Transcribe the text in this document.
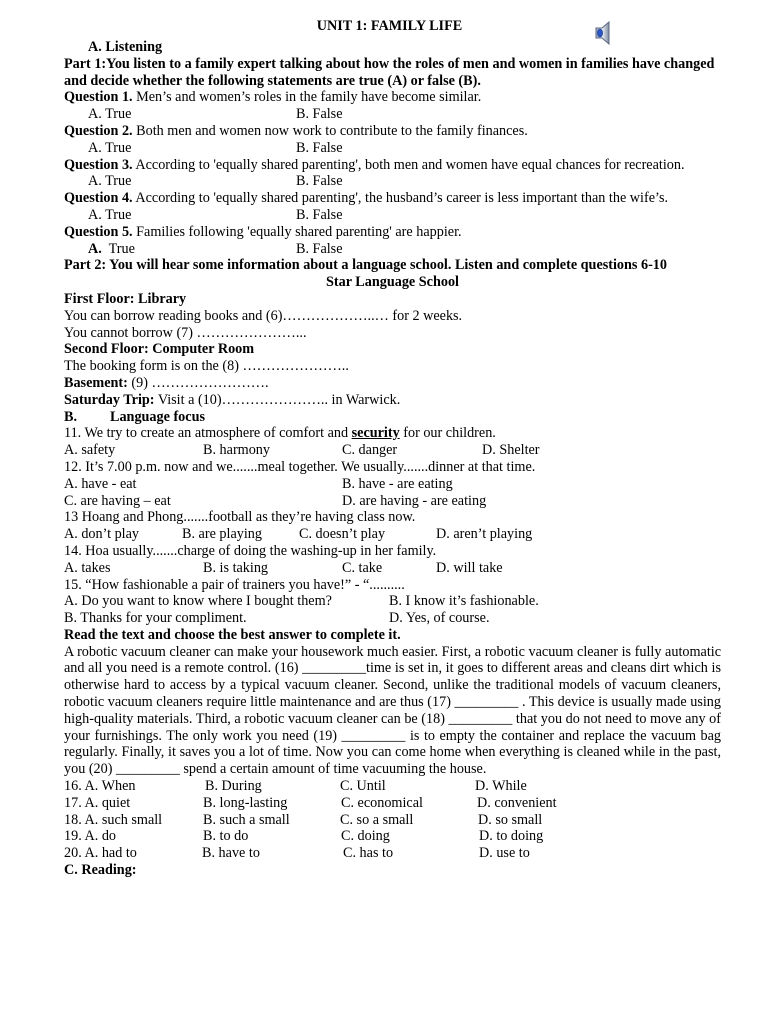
UNIT 1: FAMILY LIFE
A. Listening
Part 1:You listen to a family expert talking about how the roles of men and women in families have changed and decide whether the following statements are true (A) or false (B).
Question 1. Men’s and women’s roles in the family have become similar.
A. True	B. False
Question 2. Both men and women now work to contribute to the family finances.
A. True	B. False
Question 3. According to 'equally shared parenting', both men and women have equal chances for recreation.
A. True	B. False
Question 4. According to 'equally shared parenting', the husband’s career is less important than the wife’s.
A. True	B. False
Question 5. Families following 'equally shared parenting' are happier.
A.  True	B. False
Part 2: You will hear some information about a language school. Listen and complete questions 6-10
Star Language School
First Floor: Library
You can borrow reading books and (6)………………..… for 2 weeks.
You cannot borrow (7) …………………...
Second Floor: Computer Room
The booking form is on the (8) …………………..
Basement: (9) …………………….
Saturday Trip: Visit a (10)………………….. in Warwick.
B. Language focus
11. We try to create an atmosphere of comfort and security for our children.
A. safety	B. harmony	C. danger	D. Shelter
12. It’s 7.00 p.m. now and we.......meal together. We usually.......dinner at that time.
A. have - eat	B. have - are eating
C. are having – eat	D. are having - are eating
13 Hoang and Phong.......football as they’re having class now.
A. don’t play	B. are playing	C. doesn’t play	D. aren’t playing
14. Hoa usually.......charge of doing the washing-up in her family.
A. takes	B. is taking	C. take	D. will take
15. “How fashionable a pair of trainers you have!” - “..........
A. Do you want to know where I bought them?	B. I know it’s fashionable.
B. Thanks for your compliment.	D. Yes, of course.
Read the text and choose the best answer to complete it.
A robotic vacuum cleaner can make your housework much easier. First, a robotic vacuum cleaner is fully automatic and all you need is a remote control. (16) _________time is set in, it goes to different areas and cleans dirt which is otherwise hard to access by a typical vacuum cleaner. Second, unlike the traditional models of vacuum cleaners, robotic vacuum cleaners require little maintenance and are thus (17) _________ . This device is usually made using high-quality materials. Third, a robotic vacuum cleaner can be (18) _________ that you do not need to move any of your furnishings. The only work you need (19) _________ is to empty the container and replace the vacuum bag regularly. Finally, it saves you a lot of time. Now you can come home when everything is cleaned while in the past, you (20) _________ spend a certain amount of time vacuuming the house.
16. A. When	B. During	C. Until	D. While
17. A. quiet	B. long-lasting	C. economical	D. convenient
18. A. such small	B. such a small	C. so a small	D. so small
19. A. do	B. to do	C. doing	D. to doing
20. A. had to	B. have to	C. has to	D. use to
C. Reading:
